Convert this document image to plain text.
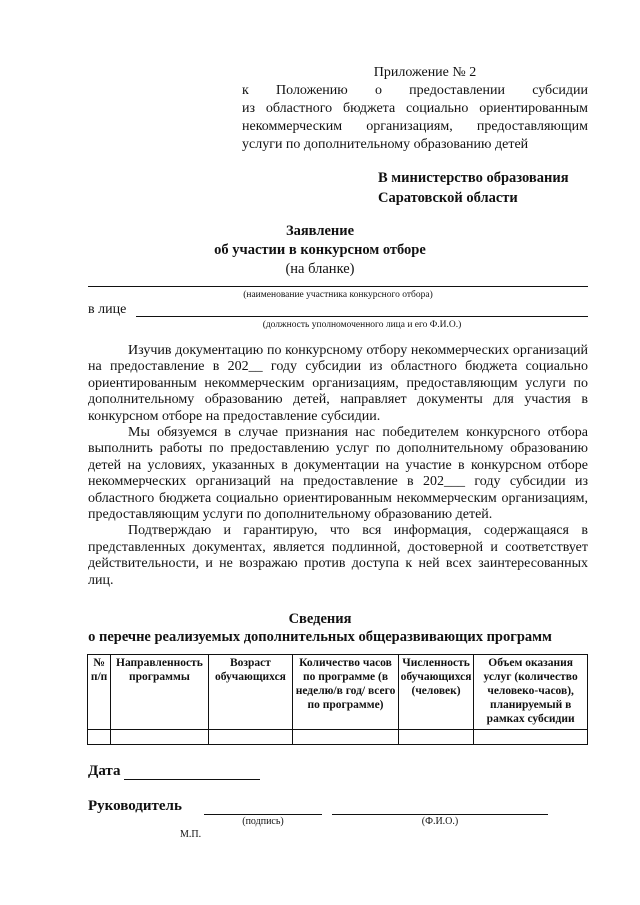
Приложение № 2
к Положению о предоставлении субсидии
из областного бюджета социально ориентированным
некоммерческим организациям, предоставляющим
услуги по дополнительному образованию детей
В министерство образования
Саратовской области
Заявление
об участии в конкурсном отборе
(на бланке)
(наименование участника конкурсного отбора)
в лице
(должность уполномоченного лица и его Ф.И.О.)

Изучив документацию по конкурсному отбору некоммерческих организаций на предоставление в 202__ году субсидии из областного бюджета социально ориентированным некоммерческим организациям, предоставляющим услуги по дополнительному образованию детей, направляет документы для участия в конкурсном отборе на предоставление субсидии.

Мы обязуемся в случае признания нас победителем конкурсного отбора выполнить работы по предоставлению услуг по дополнительному образованию детей на условиях, указанных в документации на участие в конкурсном отборе некоммерческих организаций на предоставление в 202___ году субсидии из областного бюджета социально ориентированным некоммерческим организациям, предоставляющим услуги по дополнительному образованию детей.

Подтверждаю и гарантирую, что вся информация, содержащаяся в представленных документах, является подлинной, достоверной и соответствует действительности, и не возражаю против доступа к ней всех заинтересованных лиц.

Сведения
о перечне реализуемых дополнительных общеразвивающих программ
№ п/п	Направленность программы	Возраст обучающихся	Количество часов по программе (в неделю/в год/ всего по программе)	Численность обучающихся (человек)	Объем оказания услуг (количество человеко-часов), планируемый в рамках субсидии

Дата
Руководитель
(подпись)	(Ф.И.О.)
М.П.
